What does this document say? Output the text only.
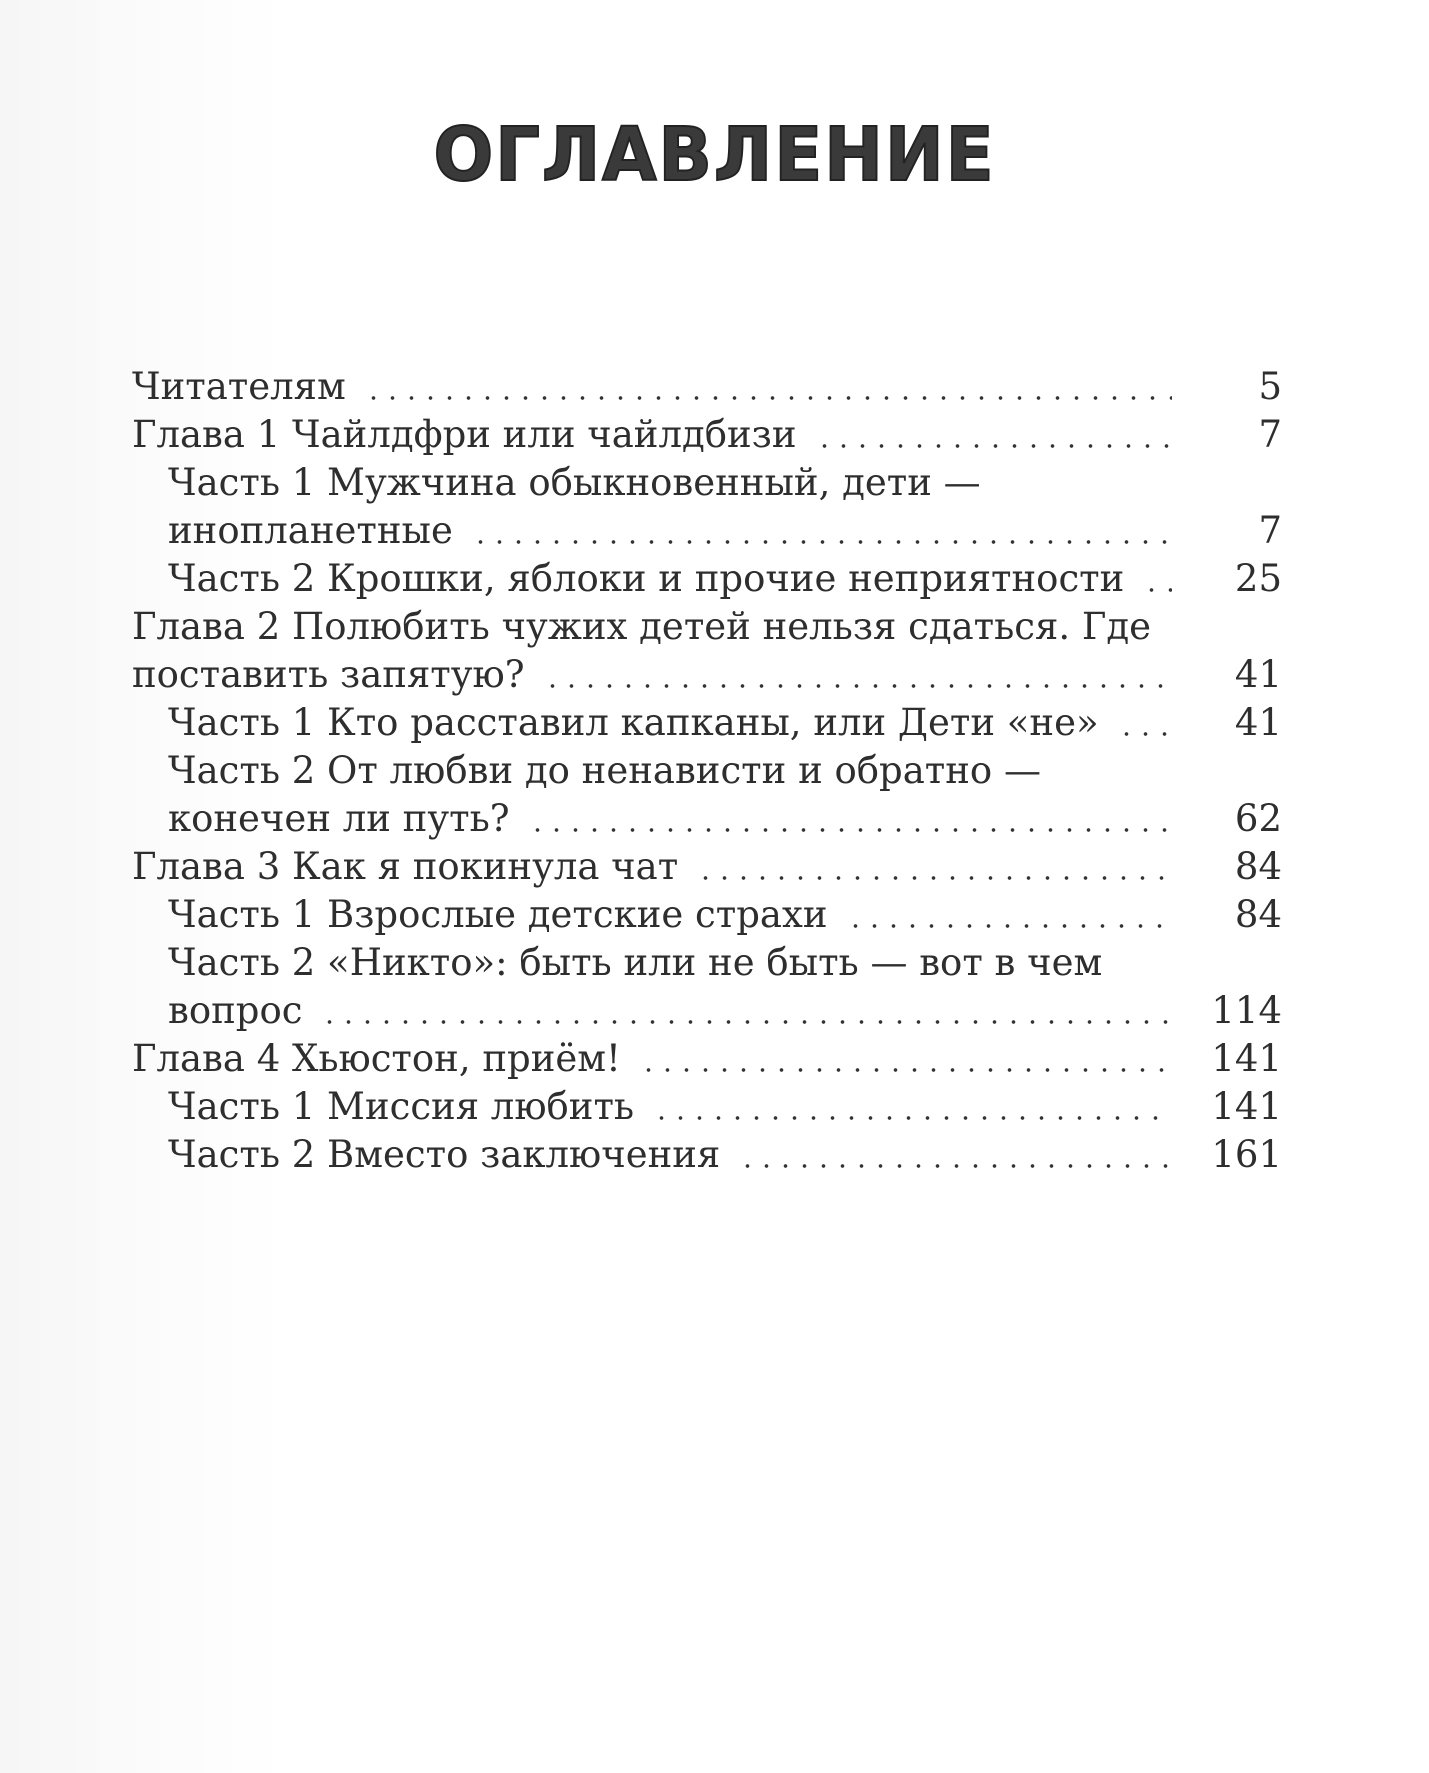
ОГЛАВЛЕНИЕ
Читателям	5
Глава 1 Чайлдфри или чайлдбизи	7
Часть 1 Мужчина обыкновенный, дети —
инопланетные	7
Часть 2 Крошки, яблоки и прочие неприятности	25
Глава 2 Полюбить чужих детей нельзя сдаться. Где
поставить запятую?	41
Часть 1 Кто расставил капканы, или Дети «не»	41
Часть 2 От любви до ненависти и обратно —
конечен ли путь?	62
Глава 3 Как я покинула чат	84
Часть 1 Взрослые детские страхи	84
Часть 2 «Никто»: быть или не быть — вот в чем
вопрос	114
Глава 4 Хьюстон, приём!	141
Часть 1 Миссия любить	141
Часть 2 Вместо заключения	161
